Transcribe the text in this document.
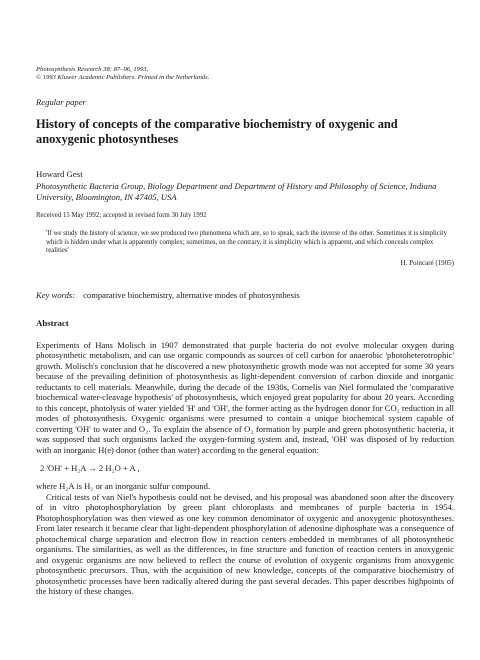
Photosynthesis Research 38: 87–96, 1993.
© 1993 Kluwer Academic Publishers. Printed in the Netherlands.
Regular paper
History of concepts of the comparative biochemistry of oxygenic and anoxygenic photosyntheses
Howard Gest
Photosynthetic Bacteria Group, Biology Department and Department of History and Philosophy of Science, Indiana University, Bloomington, IN 47405, USA
Received 15 May 1992; accepted in revised form 30 July 1992
'If we study the history of science, we see produced two phenomena which are, so to speak, each the inverse of the other. Sometimes it is simplicity which is hidden under what is apparently complex; sometimes, on the contrary, it is simplicity which is apparent, and which conceals complex realities'
H. Poincaré (1905)
Key words: comparative biochemistry, alternative modes of photosynthesis
Abstract
Experiments of Hans Molisch in 1907 demonstrated that purple bacteria do not evolve molecular oxygen during photosynthetic metabolism, and can use organic compounds as sources of cell carbon for anaerobic 'photoheterotrophic' growth. Molisch's conclusion that he discovered a new photosynthetic growth mode was not accepted for some 30 years because of the prevailing definition of photosynthesis as light-dependent conversion of carbon dioxide and inorganic reductants to cell materials. Meanwhile, during the decade of the 1930s, Cornelis van Niel formulated the 'comparative biochemical water-cleavage hypothesis' of photosynthesis, which enjoyed great popularity for about 20 years. According to this concept, photolysis of water yielded 'H' and 'OH', the former acting as the hydrogen donor for CO₂ reduction in all modes of photosynthesis. Oxygenic organisms were presumed to contain a unique biochemical system capable of converting 'OH' to water and O₂. To explain the absence of O₂ formation by purple and green photosynthetic bacteria, it was supposed that such organisms lacked the oxygen-forming system and, instead, 'OH' was disposed of by reduction with an inorganic H(e) donor (other than water) according to the general equation:
2 'OH' + H₂A → 2 H₂O + A ,
where H₂A is H₂ or an inorganic sulfur compound.
Critical tests of van Niel's hypothesis could not be devised, and his proposal was abandoned soon after the discovery of in vitro photophosphorylation by green plant chloroplasts and membranes of purple bacteria in 1954. Photophosphorylation was then viewed as one key common denominator of oxygenic and anoxygenic photosyntheses. From later research it became clear that light-dependent phosphorylation of adenosine diphosphate was a consequence of photochemical charge separation and electron flow in reaction centers embedded in membranes of all photosynthetic organisms. The similarities, as well as the differences, in fine structure and function of reaction centers in anoxygenic and oxygenic organisms are now believed to reflect the course of evolution of oxygenic organisms from anoxygenic photosynthetic precursors. Thus, with the acquisition of new knowledge, concepts of the comparative biochemistry of photosynthetic processes have been radically altered during the past several decades. This paper describes highpoints of the history of these changes.
